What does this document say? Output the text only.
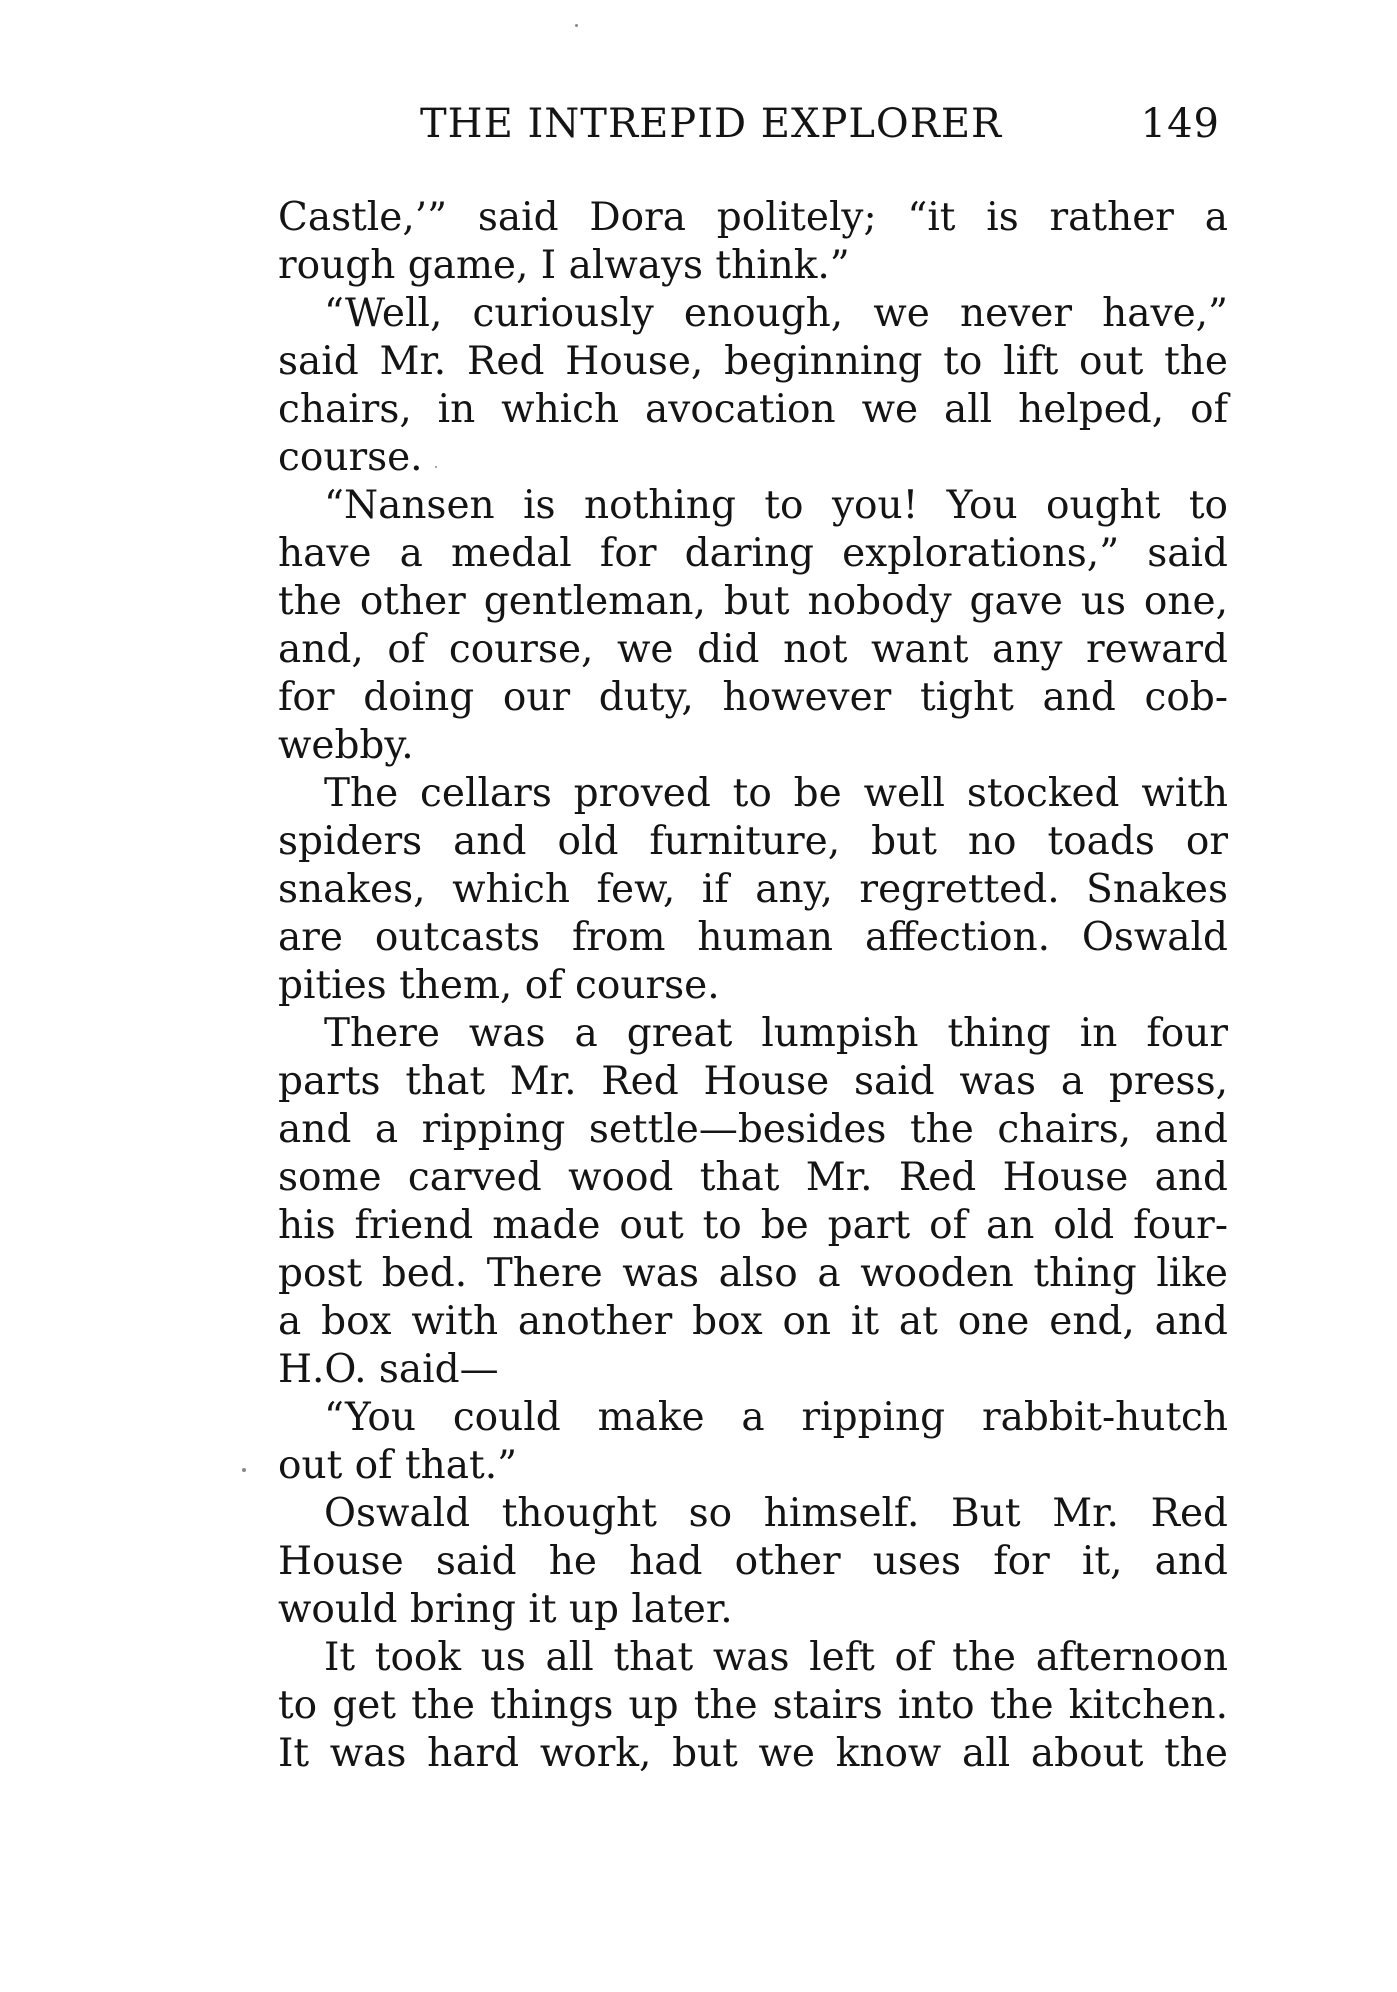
THE INTREPID EXPLORER	149
Castle,’” said Dora politely; “it is rather a
rough game, I always think.”
“Well, curiously enough, we never have,”
said Mr. Red House, beginning to lift out the
chairs, in which avocation we all helped, of
course.
“Nansen is nothing to you! You ought to
have a medal for daring explorations,” said
the other gentleman, but nobody gave us one,
and, of course, we did not want any reward
for doing our duty, however tight and cob-
webby.
The cellars proved to be well stocked with
spiders and old furniture, but no toads or
snakes, which few, if any, regretted. Snakes
are outcasts from human affection. Oswald
pities them, of course.
There was a great lumpish thing in four
parts that Mr. Red House said was a press,
and a ripping settle—besides the chairs, and
some carved wood that Mr. Red House and
his friend made out to be part of an old four-
post bed. There was also a wooden thing like
a box with another box on it at one end, and
H.O. said—
“You could make a ripping rabbit-hutch
out of that.”
Oswald thought so himself. But Mr. Red
House said he had other uses for it, and
would bring it up later.
It took us all that was left of the afternoon
to get the things up the stairs into the kitchen.
It was hard work, but we know all about the
